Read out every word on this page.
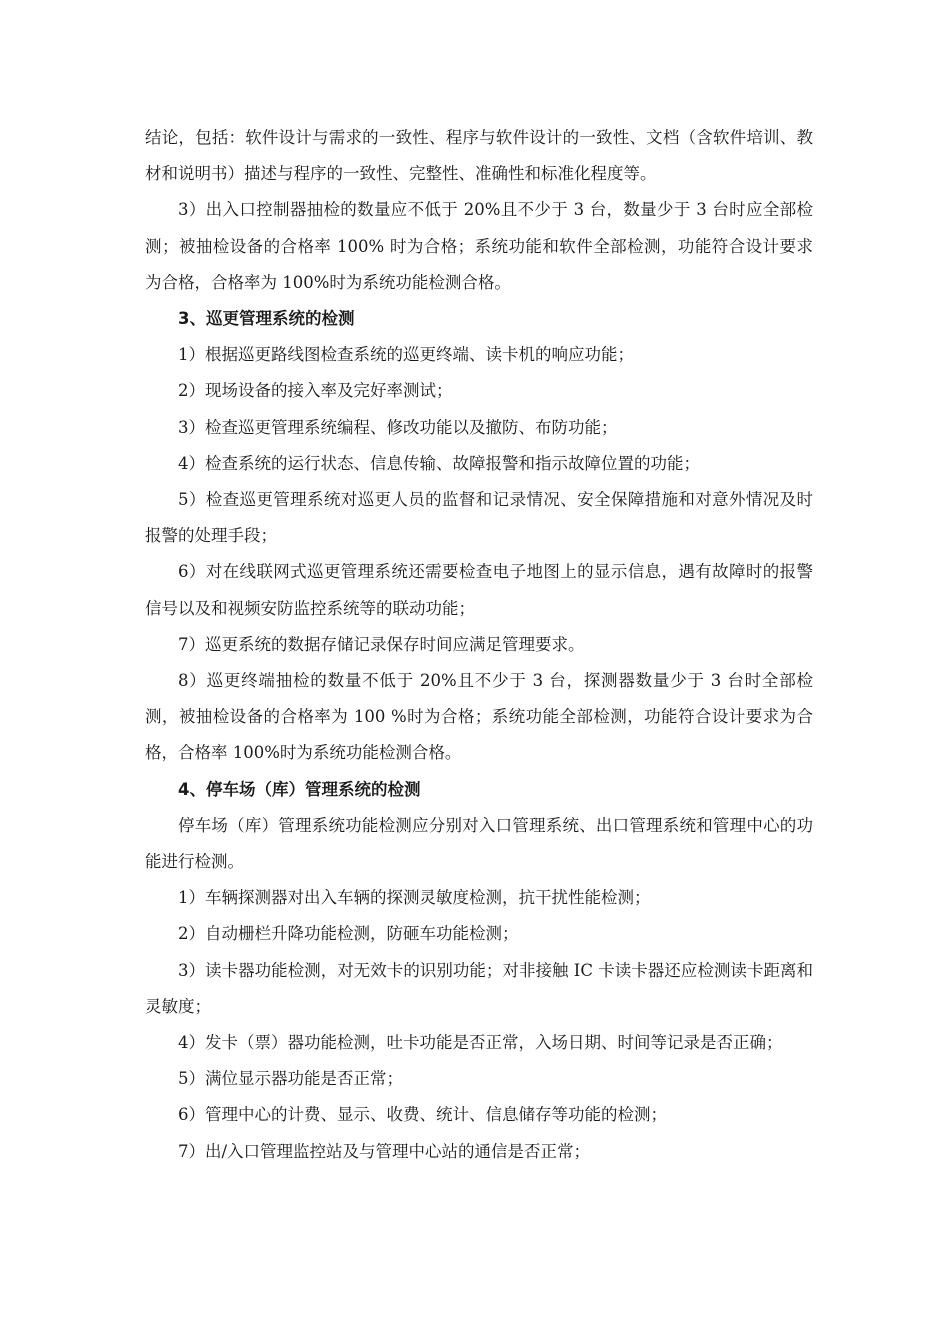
结论，包括：软件设计与需求的一致性、程序与软件设计的一致性、文档（含软件培训、教材和说明书）描述与程序的一致性、完整性、准确性和标准化程度等。

3）出入口控制器抽检的数量应不低于 20%且不少于 3 台，数量少于 3 台时应全部检测；被抽检设备的合格率 100% 时为合格；系统功能和软件全部检测，功能符合设计要求为合格，合格率为 100%时为系统功能检测合格。

3、巡更管理系统的检测

1）根据巡更路线图检查系统的巡更终端、读卡机的响应功能；

2）现场设备的接入率及完好率测试；

3）检查巡更管理系统编程、修改功能以及撤防、布防功能；

4）检查系统的运行状态、信息传输、故障报警和指示故障位置的功能；

5）检查巡更管理系统对巡更人员的监督和记录情况、安全保障措施和对意外情况及时报警的处理手段；

6）对在线联网式巡更管理系统还需要检查电子地图上的显示信息，遇有故障时的报警信号以及和视频安防监控系统等的联动功能；

7）巡更系统的数据存储记录保存时间应满足管理要求。

8）巡更终端抽检的数量不低于 20%且不少于 3 台，探测器数量少于 3 台时全部检测，被抽检设备的合格率为 100 %时为合格；系统功能全部检测，功能符合设计要求为合格，合格率 100%时为系统功能检测合格。

4、停车场（库）管理系统的检测

停车场（库）管理系统功能检测应分别对入口管理系统、出口管理系统和管理中心的功能进行检测。

1）车辆探测器对出入车辆的探测灵敏度检测，抗干扰性能检测；

2）自动栅栏升降功能检测，防砸车功能检测；

3）读卡器功能检测，对无效卡的识别功能；对非接触 IC 卡读卡器还应检测读卡距离和灵敏度；

4）发卡（票）器功能检测，吐卡功能是否正常，入场日期、时间等记录是否正确；

5）满位显示器功能是否正常；

6）管理中心的计费、显示、收费、统计、信息储存等功能的检测；

7）出/入口管理监控站及与管理中心站的通信是否正常；
